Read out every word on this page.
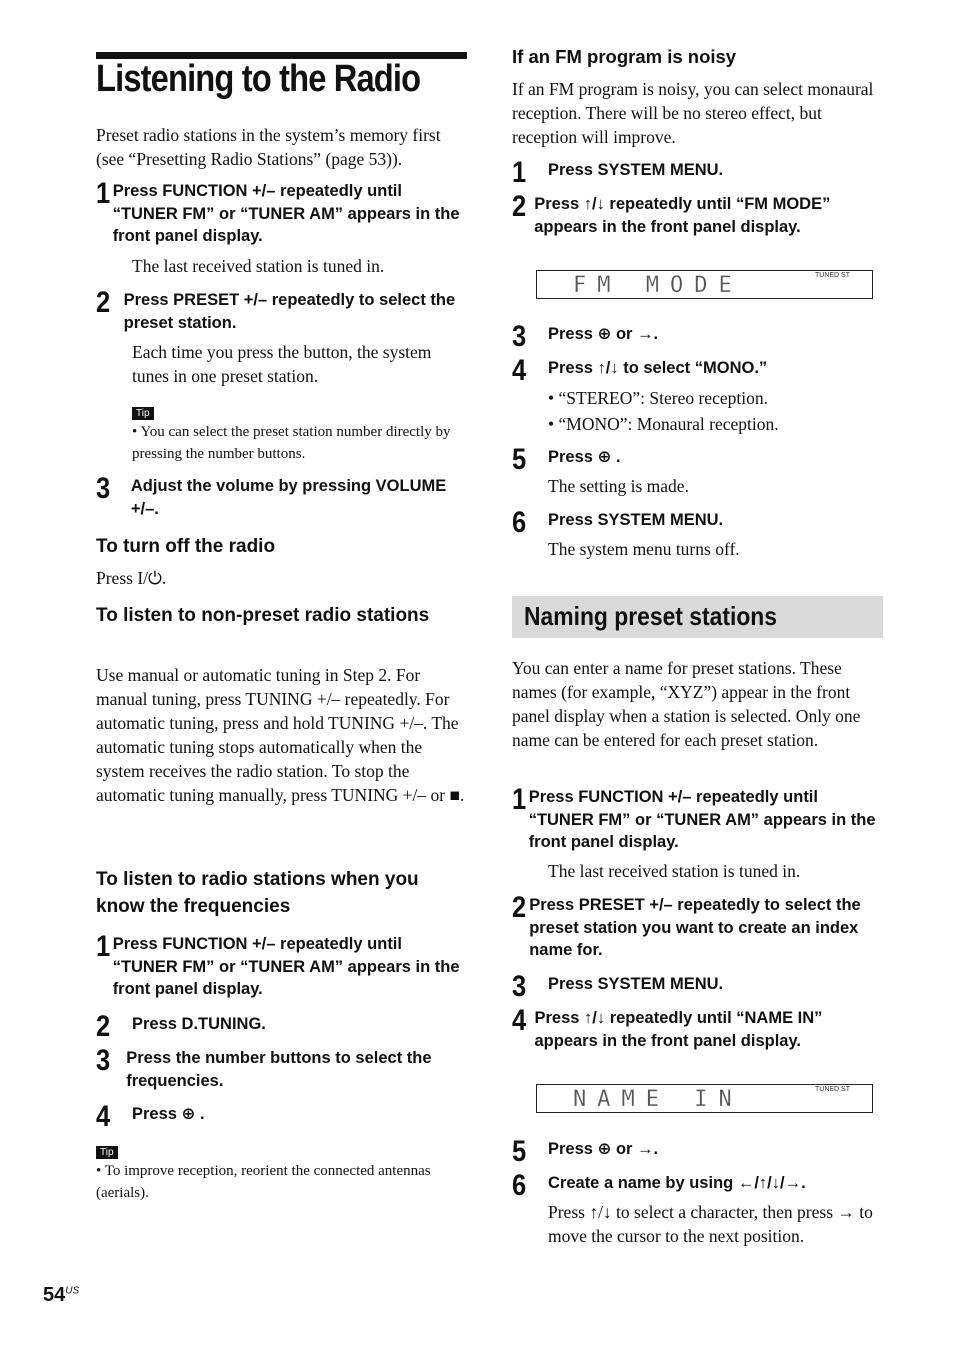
Listening to the Radio
Preset radio stations in the system’s memory first (see “Presetting Radio Stations” (page 53)).
1 Press FUNCTION +/– repeatedly until “TUNER FM” or “TUNER AM” appears in the front panel display.
The last received station is tuned in.
2 Press PRESET +/– repeatedly to select the preset station.
Each time you press the button, the system tunes in one preset station.
Tip
• You can select the preset station number directly by pressing the number buttons.
3	Adjust the volume by pressing VOLUME +/–.
To turn off the radio
Press I/⏻.
To listen to non-preset radio stations
Use manual or automatic tuning in Step 2. For manual tuning, press TUNING +/– repeatedly. For automatic tuning, press and hold TUNING +/–. The automatic tuning stops automatically when the system receives the radio station. To stop the automatic tuning manually, press TUNING +/– or ■.
To listen to radio stations when you know the frequencies
1 Press FUNCTION +/– repeatedly until “TUNER FM” or “TUNER AM” appears in the front panel display.
2	Press D.TUNING.
3 Press the number buttons to select the frequencies.
4	Press ⊕ .
Tip
• To improve reception, reorient the connected antennas (aerials).
If an FM program is noisy
If an FM program is noisy, you can select monaural reception. There will be no stereo effect, but reception will improve.
1	Press SYSTEM MENU.
2 Press ↑/↓ repeatedly until “FM MODE” appears in the front panel display.
FM MODE	TUNED ST
3	Press ⊕ or →.
4	Press ↑/↓ to select “MONO.”
• “STEREO”: Stereo reception.
• “MONO”: Monaural reception.
5	Press ⊕ .
The setting is made.
6	Press SYSTEM MENU.
The system menu turns off.
Naming preset stations
You can enter a name for preset stations. These names (for example, “XYZ”) appear in the front panel display when a station is selected. Only one name can be entered for each preset station.
1 Press FUNCTION +/– repeatedly until “TUNER FM” or “TUNER AM” appears in the front panel display.
The last received station is tuned in.
2 Press PRESET +/– repeatedly to select the preset station you want to create an index name for.
3	Press SYSTEM MENU.
4 Press ↑/↓ repeatedly until “NAME IN” appears in the front panel display.
NAME IN	TUNED ST
5	Press ⊕ or →.
6	Create a name by using ←/↑/↓/→.
Press ↑/↓ to select a character, then press → to move the cursor to the next position.
$54^{US}$
